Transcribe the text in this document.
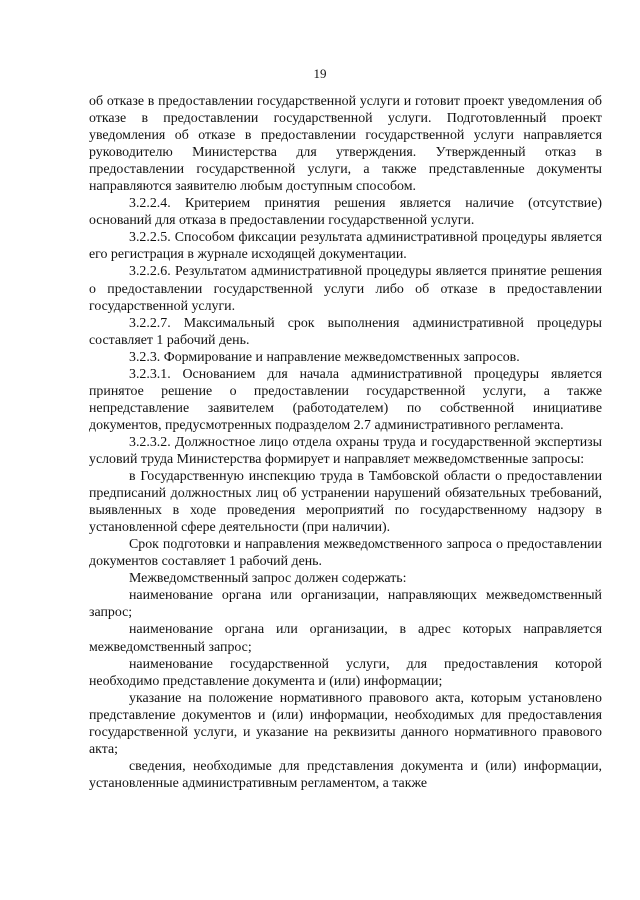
19

об отказе в предоставлении государственной услуги и готовит проект уведомления об отказе в предоставлении государственной услуги. Подготовленный проект уведомления об отказе в предоставлении государственной услуги направляется руководителю Министерства для утверждения. Утвержденный отказ в предоставлении государственной услуги, а также представленные документы направляются заявителю любым доступным способом.

3.2.2.4. Критерием принятия решения является наличие (отсутствие) оснований для отказа в предоставлении государственной услуги.

3.2.2.5. Способом фиксации результата административной процедуры является его регистрация в журнале исходящей документации.

3.2.2.6. Результатом административной процедуры является принятие решения о предоставлении государственной услуги либо об отказе в предоставлении государственной услуги.

3.2.2.7. Максимальный срок выполнения административной процедуры составляет 1 рабочий день.

3.2.3. Формирование и направление межведомственных запросов.

3.2.3.1. Основанием для начала административной процедуры является принятое решение о предоставлении государственной услуги, а также непредставление заявителем (работодателем) по собственной инициативе документов, предусмотренных подразделом 2.7 административного регламента.

3.2.3.2. Должностное лицо отдела охраны труда и государственной экспертизы условий труда Министерства формирует и направляет межведомственные запросы:

в Государственную инспекцию труда в Тамбовской области о предоставлении предписаний должностных лиц об устранении нарушений обязательных требований, выявленных в ходе проведения мероприятий по государственному надзору в установленной сфере деятельности (при наличии).

Срок подготовки и направления межведомственного запроса о предоставлении документов составляет 1 рабочий день.

Межведомственный запрос должен содержать:

наименование органа или организации, направляющих межведомственный запрос;

наименование органа или организации, в адрес которых направляется межведомственный запрос;

наименование государственной услуги, для предоставления которой необходимо представление документа и (или) информации;

указание на положение нормативного правового акта, которым установлено представление документов и (или) информации, необходимых для предоставления государственной услуги, и указание на реквизиты данного нормативного правового акта;

сведения, необходимые для представления документа и (или) информации, установленные административным регламентом, а также
